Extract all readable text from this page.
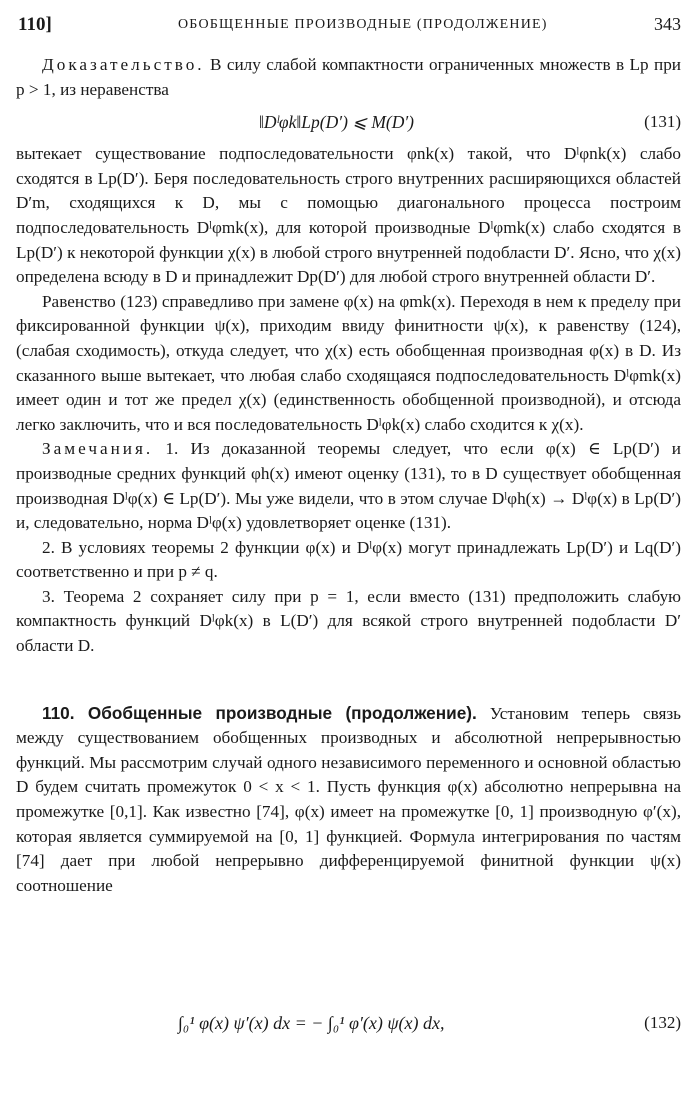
110]	ОБОБЩЕННЫЕ ПРОИЗВОДНЫЕ (ПРОДОЛЖЕНИЕ)	343

Доказательство. В силу слабой компактности ограниченных множеств в Lp при p > 1, из неравенства

‖Dˡφk‖Lp(D′) ⩽ M(D′)	(131)

вытекает существование подпоследовательности φnk(x) такой, что Dˡφnk(x) слабо сходятся в Lp(D′). Беря последовательность строго внутренних расширяющихся областей D′m, сходящихся к D, мы с помощью диагонального процесса построим подпоследовательность Dˡφmk(x), для которой производные Dˡφmk(x) слабо сходятся в Lp(D′) к некоторой функции χ(x) в любой строго внутренней подобласти D′. Ясно, что χ(x) определена всюду в D и принадлежит Dp(D′) для любой строго внутренней области D′.

Равенство (123) справедливо при замене φ(x) на φmk(x). Переходя в нем к пределу при фиксированной функции ψ(x), приходим ввиду финитности ψ(x), к равенству (124), (слабая сходимость), откуда следует, что χ(x) есть обобщенная производная φ(x) в D. Из сказанного выше вытекает, что любая слабо сходящаяся подпоследовательность Dˡφmk(x) имеет один и тот же предел χ(x) (единственность обобщенной производной), и отсюда легко заключить, что и вся последовательность Dˡφk(x) слабо сходится к χ(x).

Замечания. 1. Из доказанной теоремы следует, что если φ(x) ∈ Lp(D′) и производные средних функций φh(x) имеют оценку (131), то в D существует обобщенная производная Dˡφ(x) ∈ Lp(D′). Мы уже видели, что в этом случае Dˡφh(x) → Dˡφ(x) в Lp(D′) и, следовательно, норма Dˡφ(x) удовлетворяет оценке (131).

2. В условиях теоремы 2 функции φ(x) и Dˡφ(x) могут принадлежать Lp(D′) и Lq(D′) соответственно и при p ≠ q.

3. Теорема 2 сохраняет силу при p = 1, если вместо (131) предположить слабую компактность функций Dˡφk(x) в L(D′) для всякой строго внутренней подобласти D′ области D.

110. Обобщенные производные (продолжение). Установим теперь связь между существованием обобщенных производных и абсолютной непрерывностью функций. Мы рассмотрим случай одного независимого переменного и основной областью D будем считать промежуток 0 < x < 1. Пусть функция φ(x) абсолютно непрерывна на промежутке [0,1]. Как известно [74], φ(x) имеет на промежутке [0, 1] производную φ′(x), которая является суммируемой на [0, 1] функцией. Формула интегрирования по частям [74] дает при любой непрерывно дифференцируемой финитной функции ψ(x) соотношение

∫₀¹ φ(x) ψ′(x) dx = − ∫₀¹ φ′(x) ψ(x) dx,	(132)
